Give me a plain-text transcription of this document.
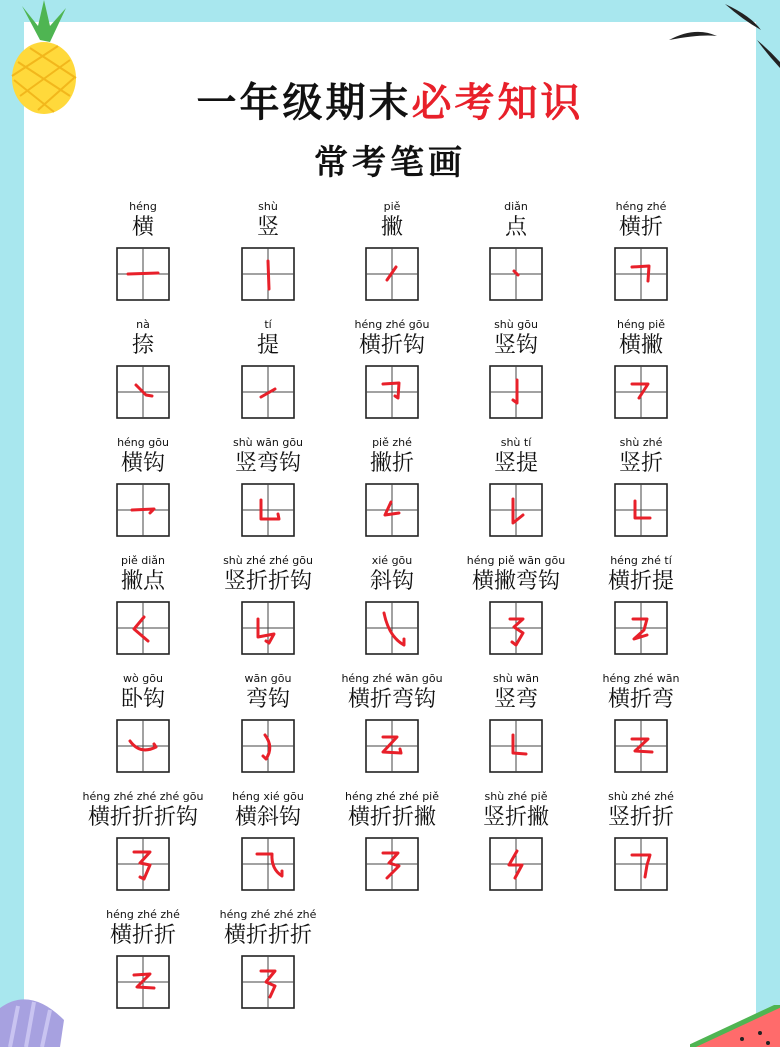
一年级期末必考知识
常考笔画
héng
横
shù
竖
piě
撇
diǎn
点
héng zhé
横折
nà
捺
tí
提
héng zhé gōu
横折钩
shù gōu
竖钩
héng piě
横撇
héng gōu
横钩
shù wān gōu
竖弯钩
piě zhé
撇折
shù tí
竖提
shù zhé
竖折
piě diǎn
撇点
shù zhé zhé gōu
竖折折钩
xié gōu
斜钩
héng piě wān gōu
横撇弯钩
héng zhé tí
横折提
wò gōu
卧钩
wān gōu
弯钩
héng zhé wān gōu
横折弯钩
shù wān
竖弯
héng zhé wān
横折弯
héng zhé zhé zhé gōu
横折折折钩
héng xié gōu
横斜钩
héng zhé zhé piě
横折折撇
shù zhé piě
竖折撇
shù zhé zhé
竖折折
héng zhé zhé
横折折
héng zhé zhé zhé
横折折折
